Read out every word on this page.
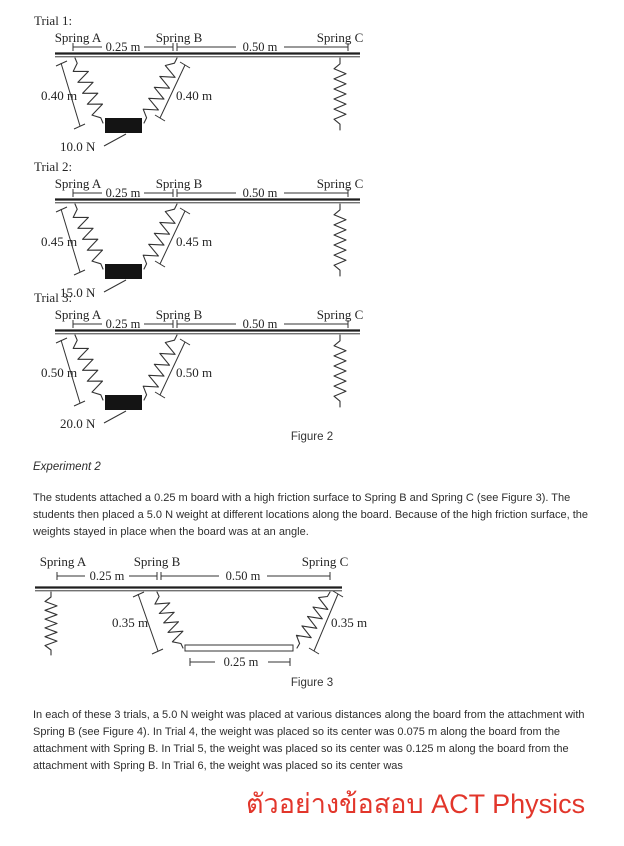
Trial 1:
Spring A	Spring B	Spring C
0.25 m	0.50 m
0.40 m	0.40 m
10.0 N
Trial 2:
Spring A	Spring B	Spring C
0.25 m	0.50 m
0.45 m	0.45 m
15.0 N
Trial 3:
Spring A	Spring B	Spring C
0.25 m	0.50 m
0.50 m	0.50 m
20.0 N
Figure 2
Experiment 2
The students attached a 0.25 m board with a high friction surface to Spring B and Spring C (see Figure 3). The students then placed a 5.0 N weight at different locations along the board. Because of the high friction surface, the weights stayed in place when the board was at an angle.
Spring A	Spring B	Spring C
0.25 m	0.50 m
0.35 m	0.35 m
0.25 m
Figure 3
In each of these 3 trials, a 5.0 N weight was placed at various distances along the board from the attachment with Spring B (see Figure 4). In Trial 4, the weight was placed so its center was 0.075 m along the board from the attachment with Spring B. In Trial 5, the weight was placed so its center was 0.125 m along the board from the attachment with Spring B. In Trial 6, the weight was placed so its center was
ตัวอย่างข้อสอบ ACT Physics
